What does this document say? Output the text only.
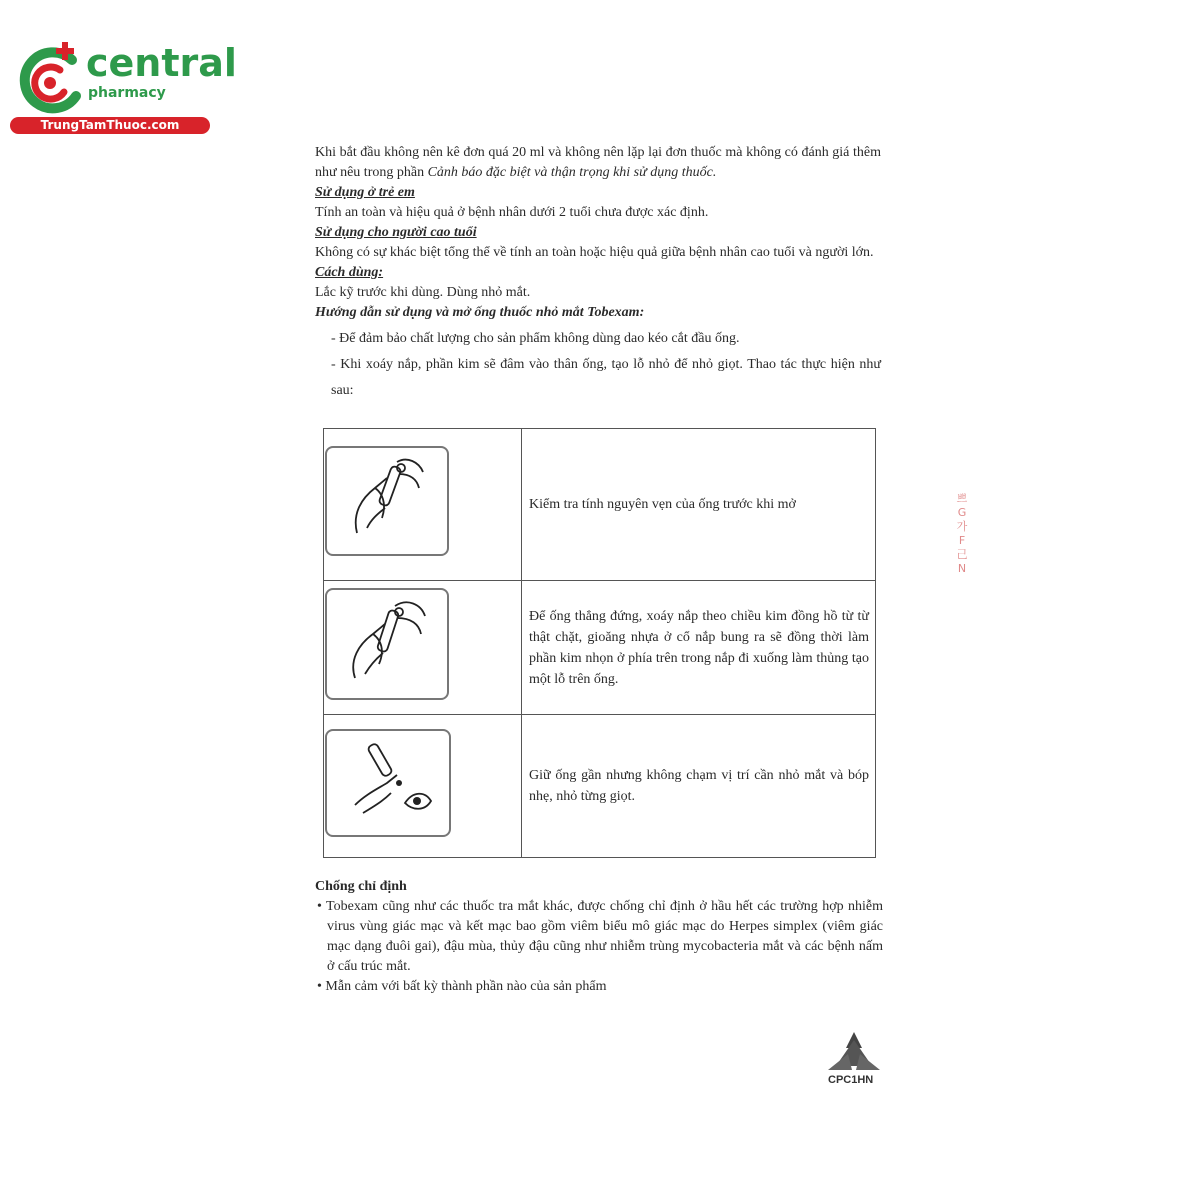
central
pharmacy
TrungTamThuoc.com

Khi bắt đầu không nên kê đơn quá 20 ml và không nên lặp lại đơn thuốc mà không có đánh giá thêm như nêu trong phần Cảnh báo đặc biệt và thận trọng khi sử dụng thuốc.

Sử dụng ở trẻ em

Tính an toàn và hiệu quả ở bệnh nhân dưới 2 tuổi chưa được xác định.

Sử dụng cho người cao tuổi

Không có sự khác biệt tổng thể về tính an toàn hoặc hiệu quả giữa bệnh nhân cao tuổi và người lớn.

Cách dùng:

Lắc kỹ trước khi dùng. Dùng nhỏ mắt.

Hướng dẫn sử dụng và mở ống thuốc nhỏ mắt Tobexam:

- Để đảm bảo chất lượng cho sản phẩm không dùng dao kéo cắt đầu ống.

- Khi xoáy nắp, phần kim sẽ đâm vào thân ống, tạo lỗ nhỏ để nhỏ giọt. Thao tác thực hiện như sau:

	Kiểm tra tính nguyên vẹn của ống trước khi mở
	Để ống thẳng đứng, xoáy nắp theo chiều kim đồng hồ từ từ thật chặt, gioăng nhựa ở cổ nắp bung ra sẽ đồng thời làm phần kim nhọn ở phía trên trong nắp đi xuống làm thủng tạo một lỗ trên ống.
	Giữ ống gần nhưng không chạm vị trí cần nhỏ mắt và bóp nhẹ, nhỏ từng giọt.

Chống chỉ định

• Tobexam cũng như các thuốc tra mắt khác, được chống chỉ định ở hầu hết các trường hợp nhiễm virus vùng giác mạc và kết mạc bao gồm viêm biểu mô giác mạc do Herpes simplex (viêm giác mạc dạng đuôi gai), đậu mùa, thủy đậu cũng như nhiễm trùng mycobacteria mắt và các bệnh nấm ở cấu trúc mắt.

• Mẫn cảm với bất kỳ thành phần nào của sản phẩm

쁘 G 가 F 己 N
CPC1HN
